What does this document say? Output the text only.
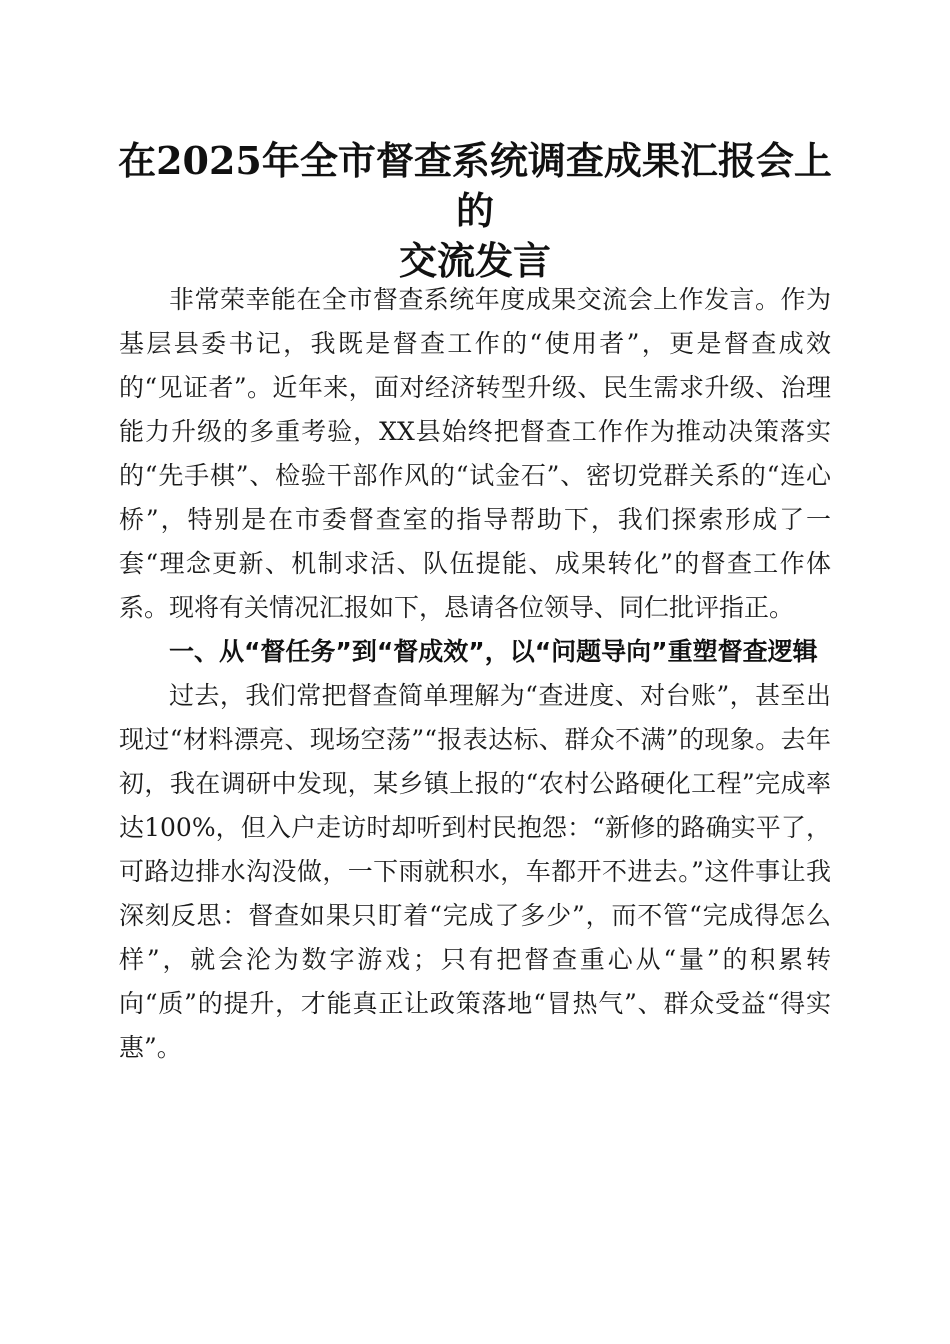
在2025年全市督查系统调查成果汇报会上的
交流发言

非常荣幸能在全市督查系统年度成果交流会上作发言。作为基层县委书记，我既是督查工作的“使用者”，更是督查成效的“见证者”。近年来，面对经济转型升级、民生需求升级、治理能力升级的多重考验，XX县始终把督查工作作为推动决策落实的“先手棋”、检验干部作风的“试金石”、密切党群关系的“连心桥”，特别是在市委督查室的指导帮助下，我们探索形成了一套“理念更新、机制求活、队伍提能、成果转化”的督查工作体系。现将有关情况汇报如下，恳请各位领导、同仁批评指正。

一、从“督任务”到“督成效”，以“问题导向”重塑督查逻辑

过去，我们常把督查简单理解为“查进度、对台账”，甚至出现过“材料漂亮、现场空荡”“报表达标、群众不满”的现象。去年初，我在调研中发现，某乡镇上报的“农村公路硬化工程”完成率达100%，但入户走访时却听到村民抱怨：“新修的路确实平了，可路边排水沟没做，一下雨就积水，车都开不进去。”这件事让我深刻反思：督查如果只盯着“完成了多少”，而不管“完成得怎么样”，就会沦为数字游戏；只有把督查重心从“量”的积累转向“质”的提升，才能真正让政策落地“冒热气”、群众受益“得实惠”。
